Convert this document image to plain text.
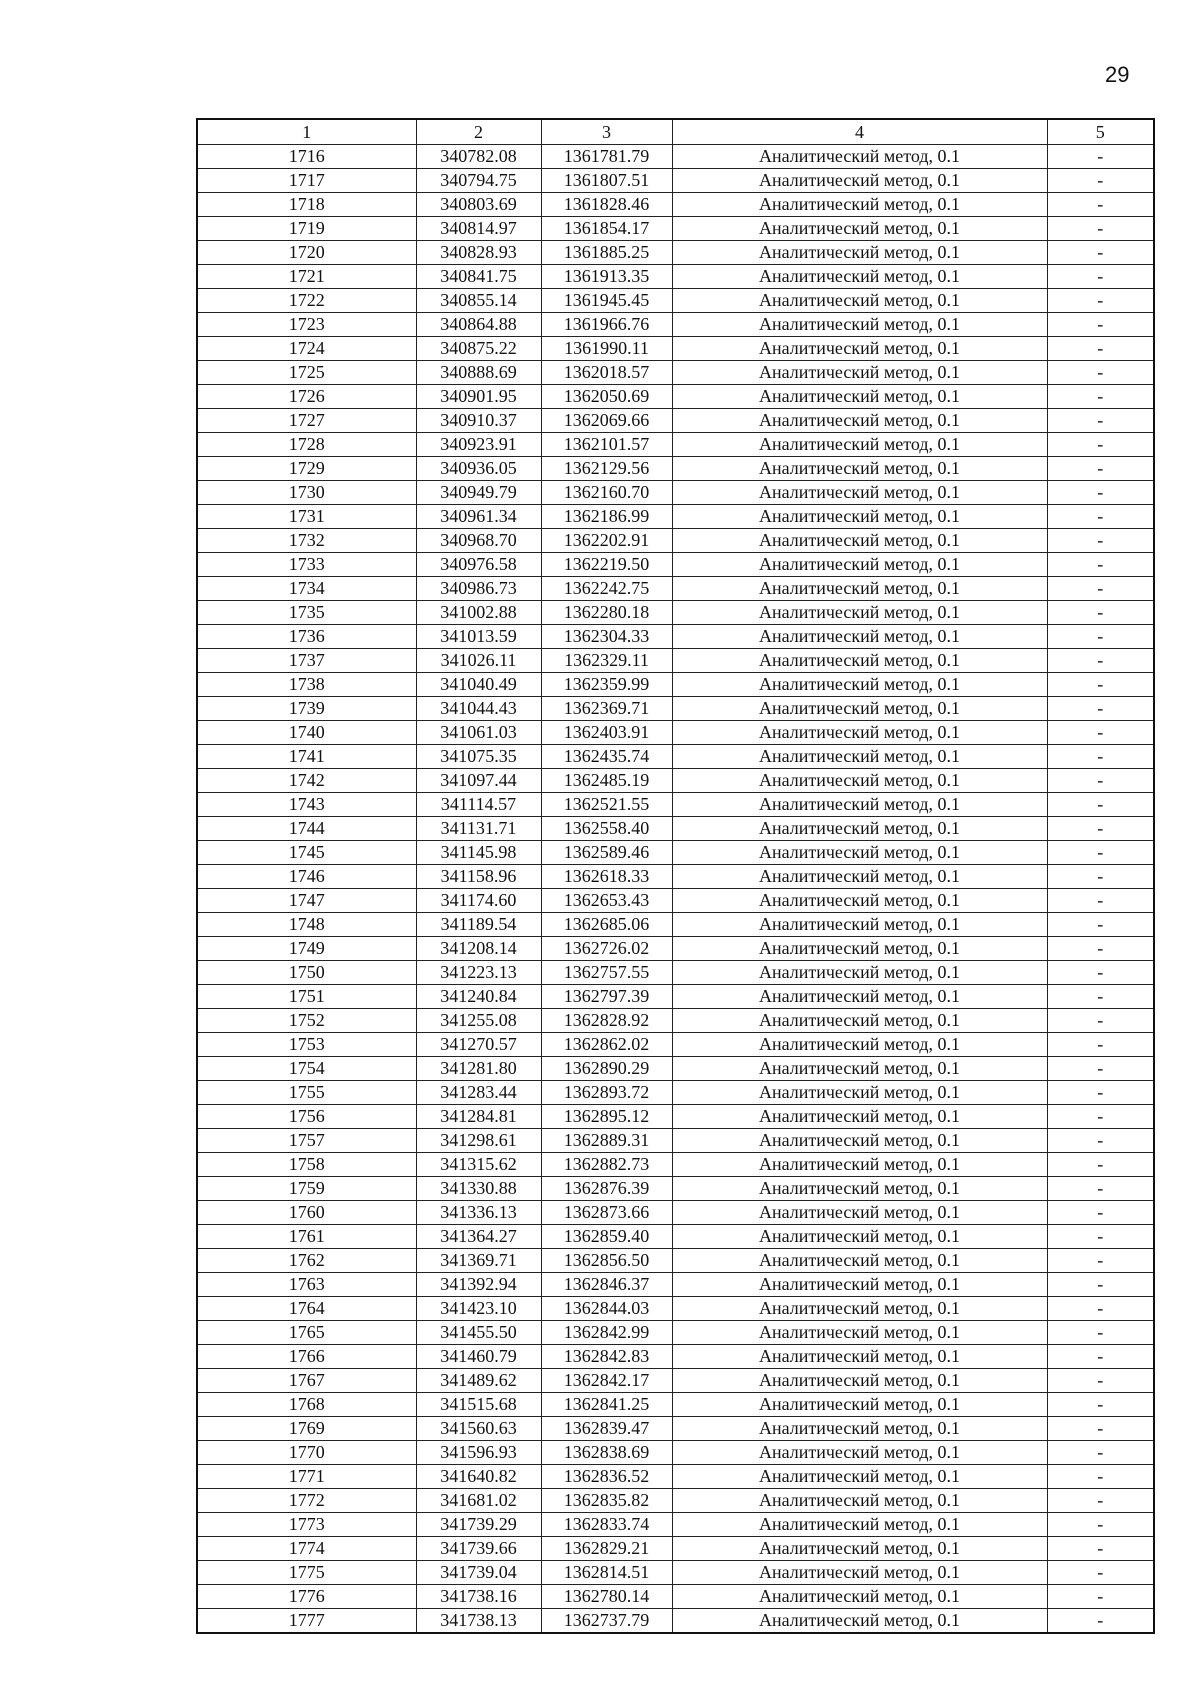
29
1	2	3	4	5
1716	340782.08	1361781.79	Аналитический метод, 0.1	-
1717	340794.75	1361807.51	Аналитический метод, 0.1	-
1718	340803.69	1361828.46	Аналитический метод, 0.1	-
1719	340814.97	1361854.17	Аналитический метод, 0.1	-
1720	340828.93	1361885.25	Аналитический метод, 0.1	-
1721	340841.75	1361913.35	Аналитический метод, 0.1	-
1722	340855.14	1361945.45	Аналитический метод, 0.1	-
1723	340864.88	1361966.76	Аналитический метод, 0.1	-
1724	340875.22	1361990.11	Аналитический метод, 0.1	-
1725	340888.69	1362018.57	Аналитический метод, 0.1	-
1726	340901.95	1362050.69	Аналитический метод, 0.1	-
1727	340910.37	1362069.66	Аналитический метод, 0.1	-
1728	340923.91	1362101.57	Аналитический метод, 0.1	-
1729	340936.05	1362129.56	Аналитический метод, 0.1	-
1730	340949.79	1362160.70	Аналитический метод, 0.1	-
1731	340961.34	1362186.99	Аналитический метод, 0.1	-
1732	340968.70	1362202.91	Аналитический метод, 0.1	-
1733	340976.58	1362219.50	Аналитический метод, 0.1	-
1734	340986.73	1362242.75	Аналитический метод, 0.1	-
1735	341002.88	1362280.18	Аналитический метод, 0.1	-
1736	341013.59	1362304.33	Аналитический метод, 0.1	-
1737	341026.11	1362329.11	Аналитический метод, 0.1	-
1738	341040.49	1362359.99	Аналитический метод, 0.1	-
1739	341044.43	1362369.71	Аналитический метод, 0.1	-
1740	341061.03	1362403.91	Аналитический метод, 0.1	-
1741	341075.35	1362435.74	Аналитический метод, 0.1	-
1742	341097.44	1362485.19	Аналитический метод, 0.1	-
1743	341114.57	1362521.55	Аналитический метод, 0.1	-
1744	341131.71	1362558.40	Аналитический метод, 0.1	-
1745	341145.98	1362589.46	Аналитический метод, 0.1	-
1746	341158.96	1362618.33	Аналитический метод, 0.1	-
1747	341174.60	1362653.43	Аналитический метод, 0.1	-
1748	341189.54	1362685.06	Аналитический метод, 0.1	-
1749	341208.14	1362726.02	Аналитический метод, 0.1	-
1750	341223.13	1362757.55	Аналитический метод, 0.1	-
1751	341240.84	1362797.39	Аналитический метод, 0.1	-
1752	341255.08	1362828.92	Аналитический метод, 0.1	-
1753	341270.57	1362862.02	Аналитический метод, 0.1	-
1754	341281.80	1362890.29	Аналитический метод, 0.1	-
1755	341283.44	1362893.72	Аналитический метод, 0.1	-
1756	341284.81	1362895.12	Аналитический метод, 0.1	-
1757	341298.61	1362889.31	Аналитический метод, 0.1	-
1758	341315.62	1362882.73	Аналитический метод, 0.1	-
1759	341330.88	1362876.39	Аналитический метод, 0.1	-
1760	341336.13	1362873.66	Аналитический метод, 0.1	-
1761	341364.27	1362859.40	Аналитический метод, 0.1	-
1762	341369.71	1362856.50	Аналитический метод, 0.1	-
1763	341392.94	1362846.37	Аналитический метод, 0.1	-
1764	341423.10	1362844.03	Аналитический метод, 0.1	-
1765	341455.50	1362842.99	Аналитический метод, 0.1	-
1766	341460.79	1362842.83	Аналитический метод, 0.1	-
1767	341489.62	1362842.17	Аналитический метод, 0.1	-
1768	341515.68	1362841.25	Аналитический метод, 0.1	-
1769	341560.63	1362839.47	Аналитический метод, 0.1	-
1770	341596.93	1362838.69	Аналитический метод, 0.1	-
1771	341640.82	1362836.52	Аналитический метод, 0.1	-
1772	341681.02	1362835.82	Аналитический метод, 0.1	-
1773	341739.29	1362833.74	Аналитический метод, 0.1	-
1774	341739.66	1362829.21	Аналитический метод, 0.1	-
1775	341739.04	1362814.51	Аналитический метод, 0.1	-
1776	341738.16	1362780.14	Аналитический метод, 0.1	-
1777	341738.13	1362737.79	Аналитический метод, 0.1	-
